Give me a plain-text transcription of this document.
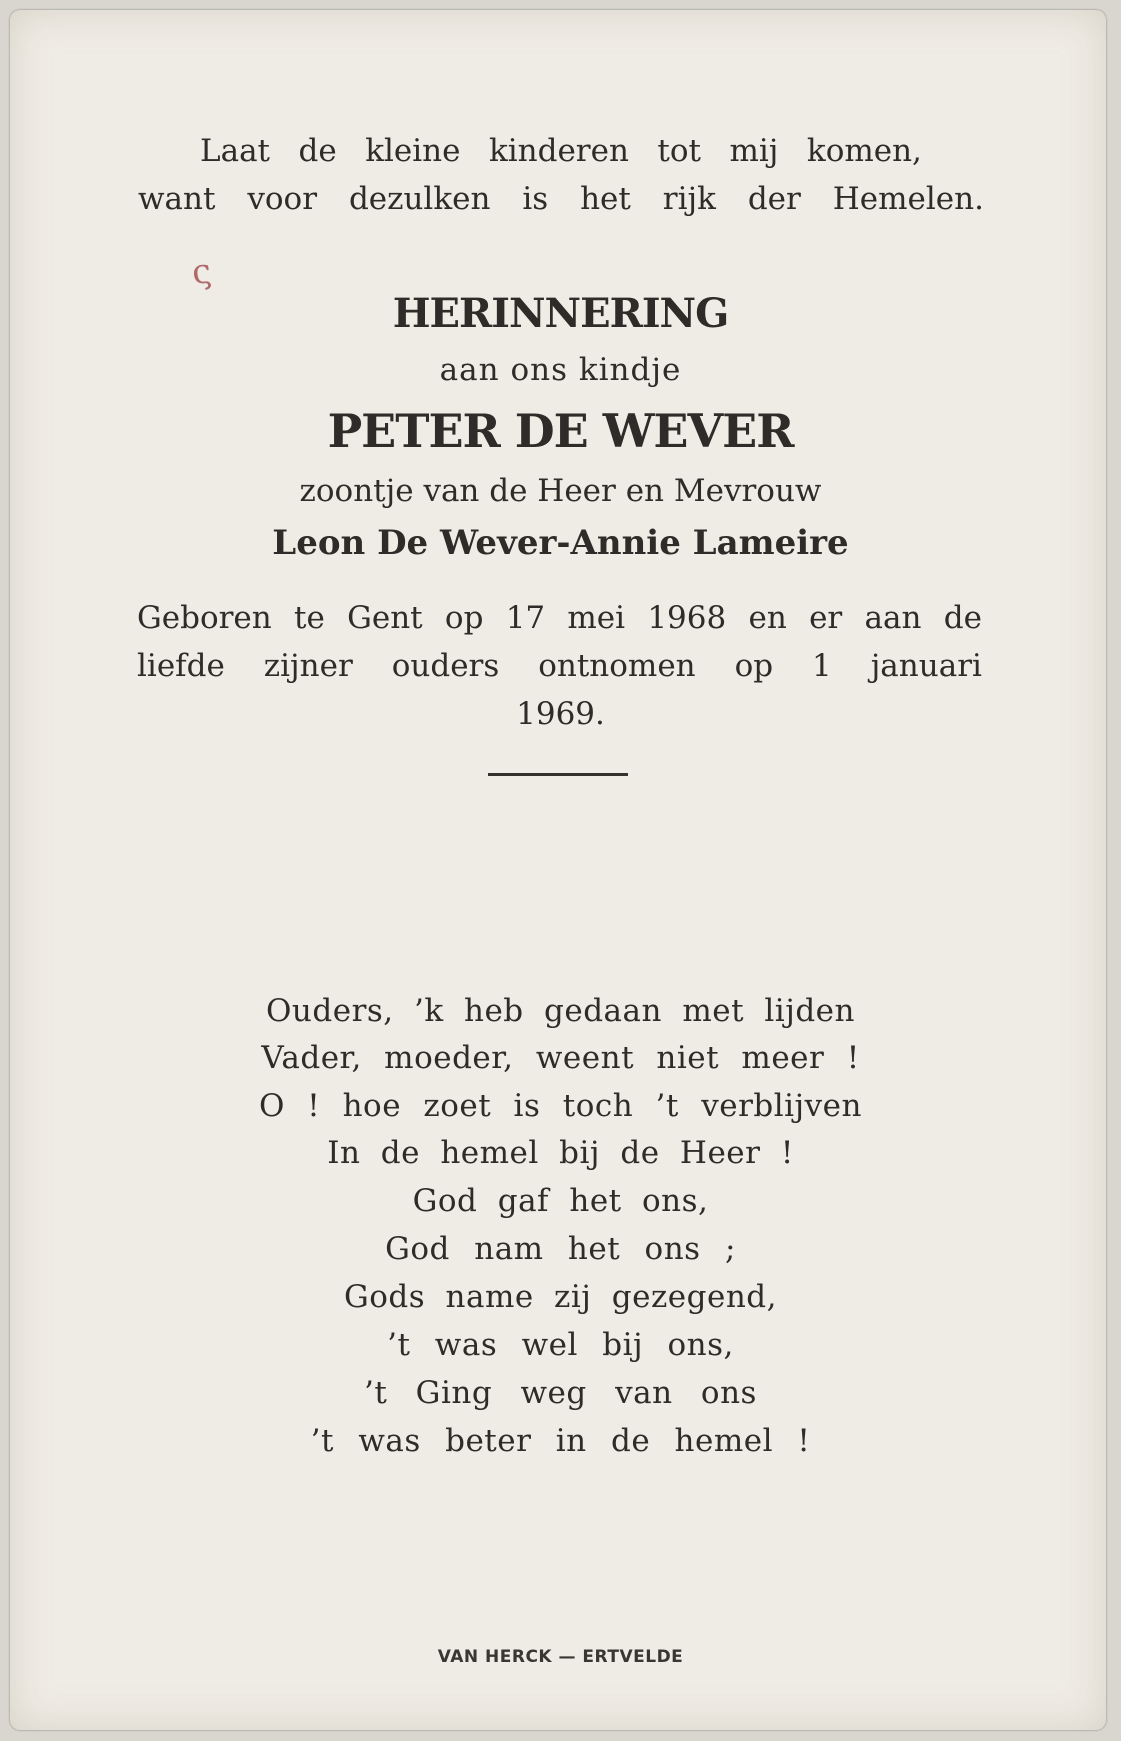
ς
Laat de kleine kinderen tot mij komen,
want voor dezulken is het rijk der Hemelen.
HERINNERING
aan ons kindje
PETER DE WEVER
zoontje van de Heer en Mevrouw
Leon De Wever-Annie Lameire
Geboren te Gent op 17 mei 1968 en er aan de
liefde zijner ouders ontnomen op 1 januari
1969.
Ouders, ’k heb gedaan met lijden
Vader, moeder, weent niet meer !
O ! hoe zoet is toch ’t verblijven
In de hemel bij de Heer !
God gaf het ons,
God nam het ons ;
Gods name zij gezegend,
’t was wel bij ons,
’t Ging weg van ons
’t was beter in de hemel !
VAN HERCK — ERTVELDE
